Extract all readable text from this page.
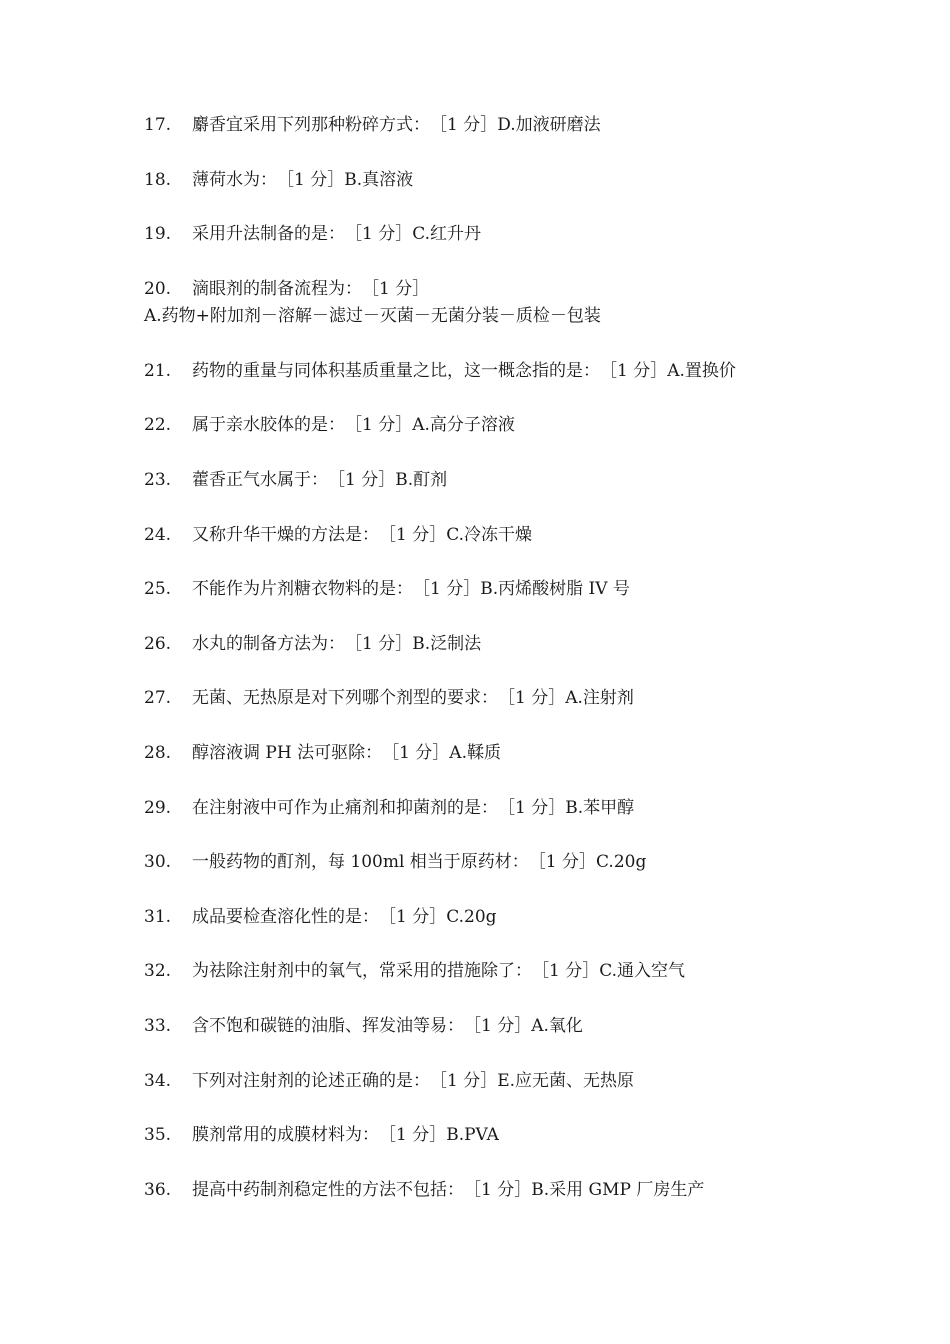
17. 麝香宜采用下列那种粉碎方式：　［1 分］D.加液研磨法
18. 薄荷水为：　［1 分］B.真溶液
19. 采用升法制备的是：　［1 分］C.红升丹
20. 滴眼剂的制备流程为：　［1 分］
A.药物+附加剂－溶解－滤过－灭菌－无菌分装－质检－包装
21. 药物的重量与同体积基质重量之比，这一概念指的是：　［1 分］A.置换价
22. 属于亲水胶体的是：　［1 分］A.高分子溶液
23. 藿香正气水属于：　［1 分］B.酊剂
24. 又称升华干燥的方法是：　［1 分］C.冷冻干燥
25. 不能作为片剂糖衣物料的是：　［1 分］B.丙烯酸树脂 IV 号
26. 水丸的制备方法为：　［1 分］B.泛制法
27. 无菌、无热原是对下列哪个剂型的要求：　［1 分］A.注射剂
28. 醇溶液调 PH 法可驱除：　［1 分］A.鞣质
29. 在注射液中可作为止痛剂和抑菌剂的是：　［1 分］B.苯甲醇
30. 一般药物的酊剂，每 100ml 相当于原药材：　［1 分］C.20g
31. 成品要检查溶化性的是：　［1 分］C.20g
32. 为祛除注射剂中的氧气，常采用的措施除了：　［1 分］C.通入空气
33. 含不饱和碳链的油脂、挥发油等易：　［1 分］A.氧化
34. 下列对注射剂的论述正确的是：　［1 分］E.应无菌、无热原
35. 膜剂常用的成膜材料为：　［1 分］B.PVA
36. 提高中药制剂稳定性的方法不包括：　［1 分］B.采用 GMP 厂房生产
